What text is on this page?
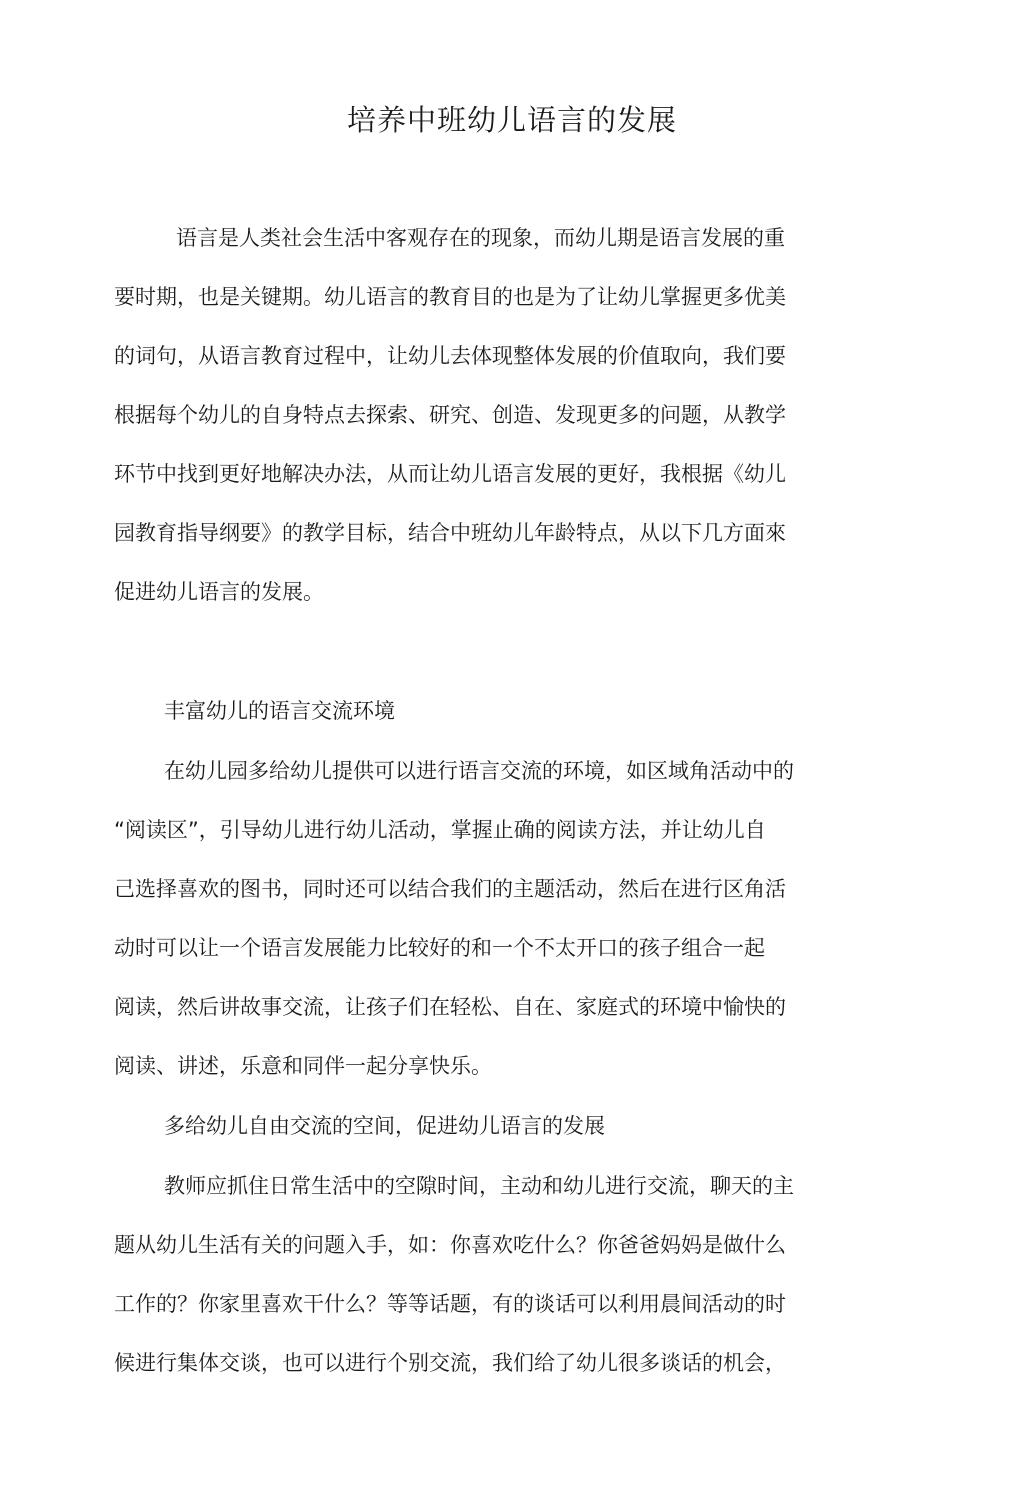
培养中班幼儿语言的发展

语言是人类社会生活中客观存在的现象，而幼儿期是语言发展的重

要时期，也是关键期。幼儿语言的教育目的也是为了让幼儿掌握更多优美

的词句，从语言教育过程中，让幼儿去体现整体发展的价值取向，我们要

根据每个幼儿的自身特点去探索、研究、创造、发现更多的问题，从教学

环节中找到更好地解决办法，从而让幼儿语言发展的更好，我根据《幼儿

园教育指导纲要》的教学目标，结合中班幼儿年龄特点，从以下几方面來

促进幼儿语言的发展。

丰富幼儿的语言交流环境

在幼儿园多给幼儿提供可以进行语言交流的环境，如区域角活动中的

“阅读区”，引导幼儿进行幼儿活动，掌握止确的阅读方法，并让幼儿自

己选择喜欢的图书，同时还可以结合我们的主题活动，然后在进行区角活

动时可以让一个语言发展能力比较好的和一个不太开口的孩子组合一起

阅读，然后讲故事交流，让孩子们在轻松、自在、家庭式的环境中愉快的

阅读、讲述，乐意和同伴一起分享快乐。

多给幼儿自由交流的空间，促进幼儿语言的发展

教师应抓住日常生活中的空隙时间，主动和幼儿进行交流，聊天的主

题从幼儿生活有关的问题入手，如：你喜欢吃什么？你爸爸妈妈是做什么

工作的？你家里喜欢干什么？等等话题，有的谈话可以利用晨间活动的时

候进行集体交谈，也可以进行个别交流，我们给了幼儿很多谈话的机会，
